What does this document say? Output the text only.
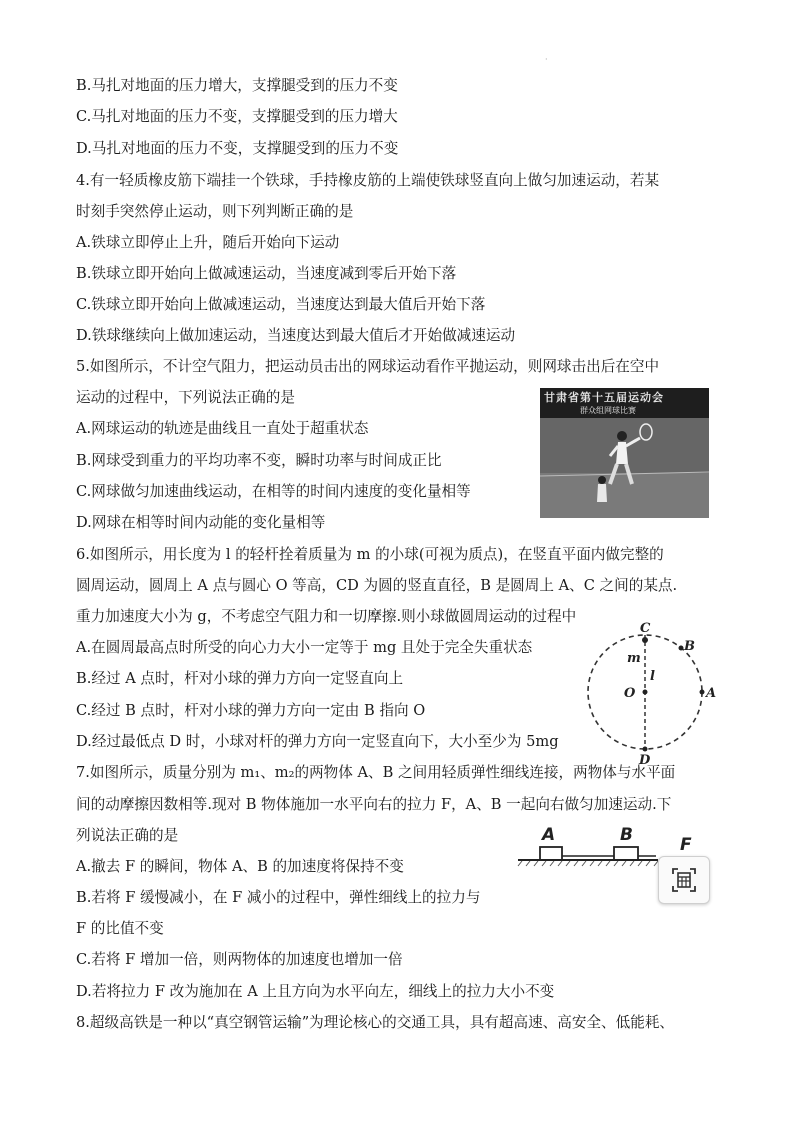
·
B.马扎对地面的压力增大，支撑腿受到的压力不变
C.马扎对地面的压力不变，支撑腿受到的压力增大
D.马扎对地面的压力不变，支撑腿受到的压力不变
4.有一轻质橡皮筋下端挂一个铁球，手持橡皮筋的上端使铁球竖直向上做匀加速运动，若某
时刻手突然停止运动，则下列判断正确的是
A.铁球立即停止上升，随后开始向下运动
B.铁球立即开始向上做减速运动，当速度减到零后开始下落
C.铁球立即开始向上做减速运动，当速度达到最大值后开始下落
D.铁球继续向上做加速运动，当速度达到最大值后才开始做减速运动
5.如图所示，不计空气阻力，把运动员击出的网球运动看作平抛运动，则网球击出后在空中
运动的过程中，下列说法正确的是
A.网球运动的轨迹是曲线且一直处于超重状态
B.网球受到重力的平均功率不变，瞬时功率与时间成正比
C.网球做匀加速曲线运动，在相等的时间内速度的变化量相等
D.网球在相等时间内动能的变化量相等
6.如图所示，用长度为 l 的轻杆拴着质量为 m 的小球(可视为质点)，在竖直平面内做完整的
圆周运动，圆周上 A 点与圆心 O 等高，CD 为圆的竖直直径，B 是圆周上 A、C 之间的某点.
重力加速度大小为 g，不考虑空气阻力和一切摩擦.则小球做圆周运动的过程中
A.在圆周最高点时所受的向心力大小一定等于 mg 且处于完全失重状态
B.经过 A 点时，杆对小球的弹力方向一定竖直向上
C.经过 B 点时，杆对小球的弹力方向一定由 B 指向 O
D.经过最低点 D 时，小球对杆的弹力方向一定竖直向下，大小至少为 5mg
7.如图所示，质量分别为 m₁、m₂的两物体 A、B 之间用轻质弹性细线连接，两物体与水平面
间的动摩擦因数相等.现对 B 物体施加一水平向右的拉力 F，A、B 一起向右做匀加速运动.下
列说法正确的是
A.撤去 F 的瞬间，物体 A、B 的加速度将保持不变
B.若将 F 缓慢减小，在 F 减小的过程中，弹性细线上的拉力与
F 的比值不变
C.若将 F 增加一倍，则两物体的加速度也增加一倍
D.若将拉力 F 改为施加在 A 上且方向为水平向左，细线上的拉力大小不变
8.超级高铁是一种以“真空钢管运输”为理论核心的交通工具，具有超高速、高安全、低能耗、
甘肃省第十五届运动会
群众组网球比赛
C
B
m
l
O	A
D
A	B	F
